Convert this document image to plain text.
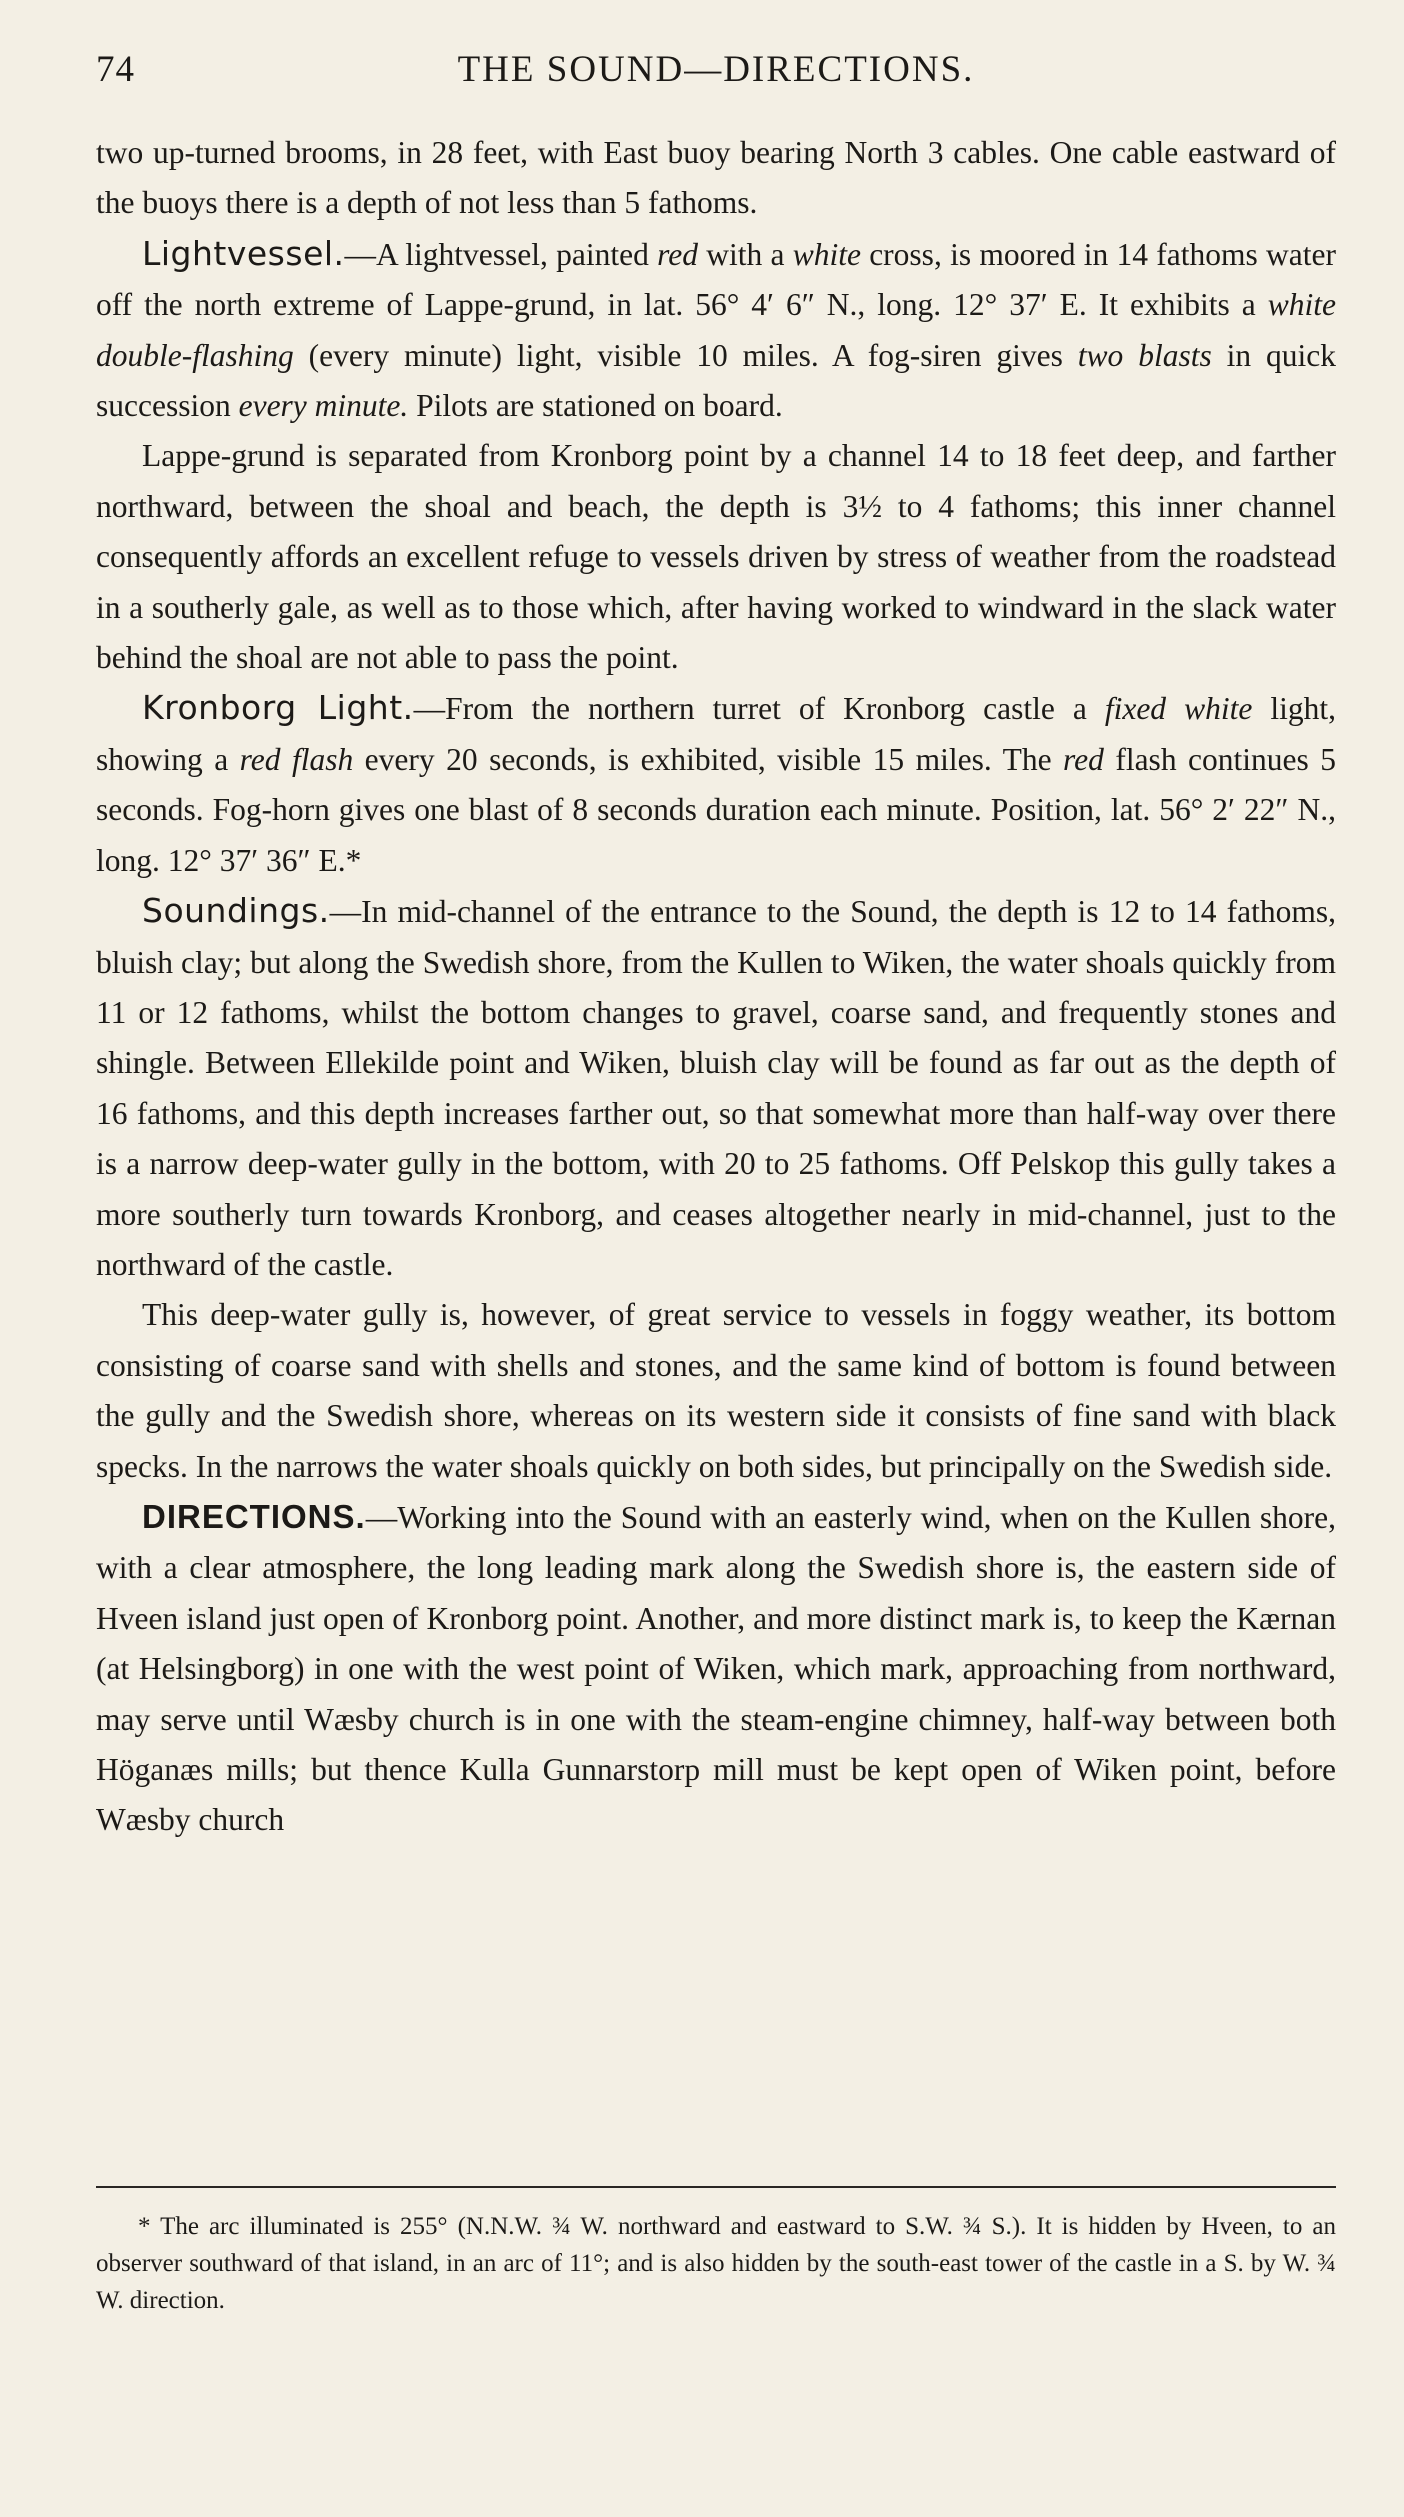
74	THE SOUND—DIRECTIONS.

two up-turned brooms, in 28 feet, with East buoy bearing North 3 cables. One cable eastward of the buoys there is a depth of not less than 5 fathoms.

Lightvessel.—A lightvessel, painted red with a white cross, is moored in 14 fathoms water off the north extreme of Lappe-grund, in lat. 56° 4′ 6″ N., long. 12° 37′ E. It exhibits a white double-flashing (every minute) light, visible 10 miles. A fog-siren gives two blasts in quick succession every minute. Pilots are stationed on board.

Lappe-grund is separated from Kronborg point by a channel 14 to 18 feet deep, and farther northward, between the shoal and beach, the depth is 3½ to 4 fathoms; this inner channel consequently affords an excellent refuge to vessels driven by stress of weather from the roadstead in a southerly gale, as well as to those which, after having worked to windward in the slack water behind the shoal are not able to pass the point.

Kronborg Light.—From the northern turret of Kronborg castle a fixed white light, showing a red flash every 20 seconds, is exhibited, visible 15 miles. The red flash continues 5 seconds. Fog-horn gives one blast of 8 seconds duration each minute. Position, lat. 56° 2′ 22″ N., long. 12° 37′ 36″ E.*

Soundings.—In mid-channel of the entrance to the Sound, the depth is 12 to 14 fathoms, bluish clay; but along the Swedish shore, from the Kullen to Wiken, the water shoals quickly from 11 or 12 fathoms, whilst the bottom changes to gravel, coarse sand, and frequently stones and shingle. Between Ellekilde point and Wiken, bluish clay will be found as far out as the depth of 16 fathoms, and this depth increases farther out, so that somewhat more than half-way over there is a narrow deep-water gully in the bottom, with 20 to 25 fathoms. Off Pelskop this gully takes a more southerly turn towards Kronborg, and ceases altogether nearly in mid-channel, just to the northward of the castle.

This deep-water gully is, however, of great service to vessels in foggy weather, its bottom consisting of coarse sand with shells and stones, and the same kind of bottom is found between the gully and the Swedish shore, whereas on its western side it consists of fine sand with black specks. In the narrows the water shoals quickly on both sides, but principally on the Swedish side.

DIRECTIONS.—Working into the Sound with an easterly wind, when on the Kullen shore, with a clear atmosphere, the long leading mark along the Swedish shore is, the eastern side of Hveen island just open of Kronborg point. Another, and more distinct mark is, to keep the Kærnan (at Helsingborg) in one with the west point of Wiken, which mark, approaching from northward, may serve until Wæsby church is in one with the steam-engine chimney, half-way between both Höganæs mills; but thence Kulla Gunnarstorp mill must be kept open of Wiken point, before Wæsby church

* The arc illuminated is 255° (N.N.W. ¾ W. northward and eastward to S.W. ¾ S.). It is hidden by Hveen, to an observer southward of that island, in an arc of 11°; and is also hidden by the south-east tower of the castle in a S. by W. ¾ W. direction.
